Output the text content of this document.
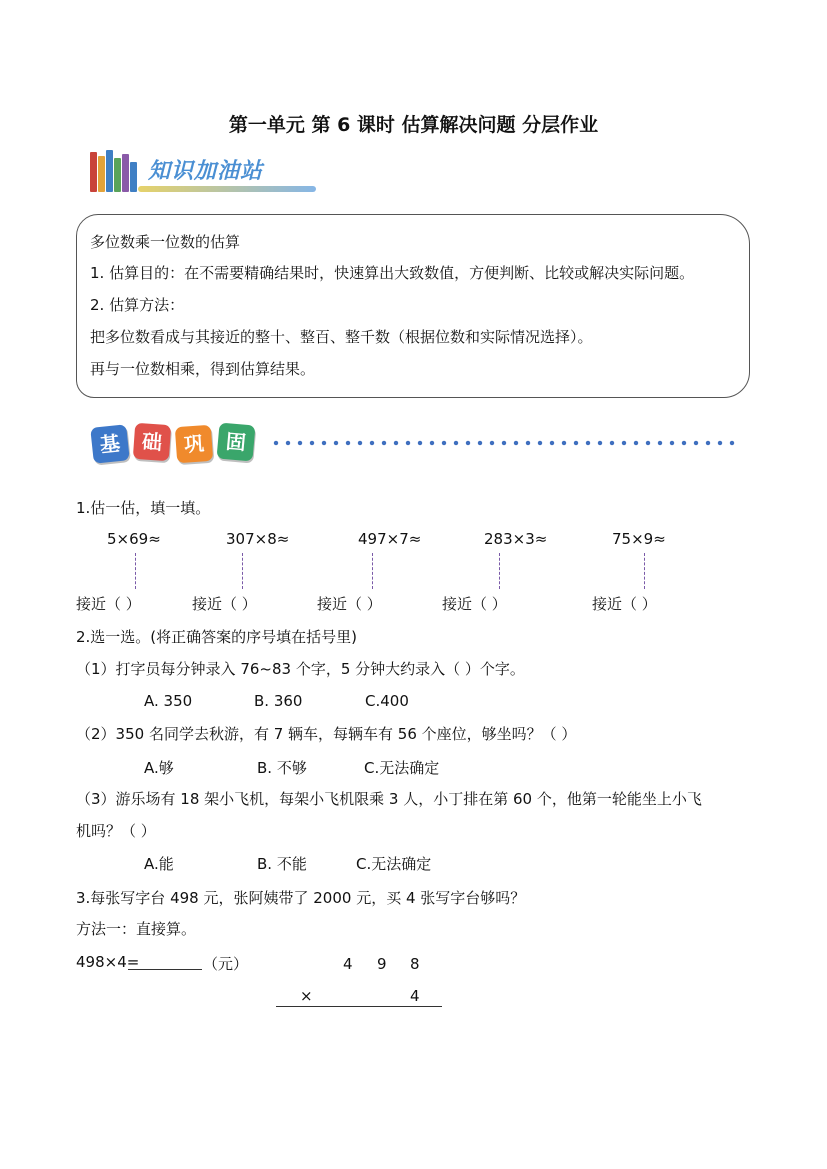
第一单元 第 6 课时 估算解决问题 分层作业
知识加油站
多位数乘一位数的估算
1. 估算目的：在不需要精确结果时，快速算出大致数值，方便判断、比较或解决实际问题。
2. 估算方法：
把多位数看成与其接近的整十、整百、整千数（根据位数和实际情况选择）。
再与一位数相乘，得到估算结果。
基 础	巩	固
1.估一估，填一填。
5×69≈	307×8≈	497×7≈	283×3≈	75×9≈
接近（ ）	接近（ ）	接近（ ）	接近（ ）	接近（ ）
2.选一选。(将正确答案的序号填在括号里)
（1）打字员每分钟录入 76~83 个字，5 分钟大约录入（ ）个字。
A. 350	B. 360	C.400
（2）350 名同学去秋游，有 7 辆车，每辆车有 56 个座位，够坐吗？（ ）
A.够	B. 不够	C.无法确定
（3）游乐场有 18 架小飞机，每架小飞机限乘 3 人，小丁排在第 60 个，他第一轮能坐上小飞
机吗？（ ）
A.能	B. 不能	C.无法确定
3.每张写字台 498 元，张阿姨带了 2000 元，买 4 张写字台够吗？
方法一：直接算。
498×4=	（元）	4 9 8
×	4
